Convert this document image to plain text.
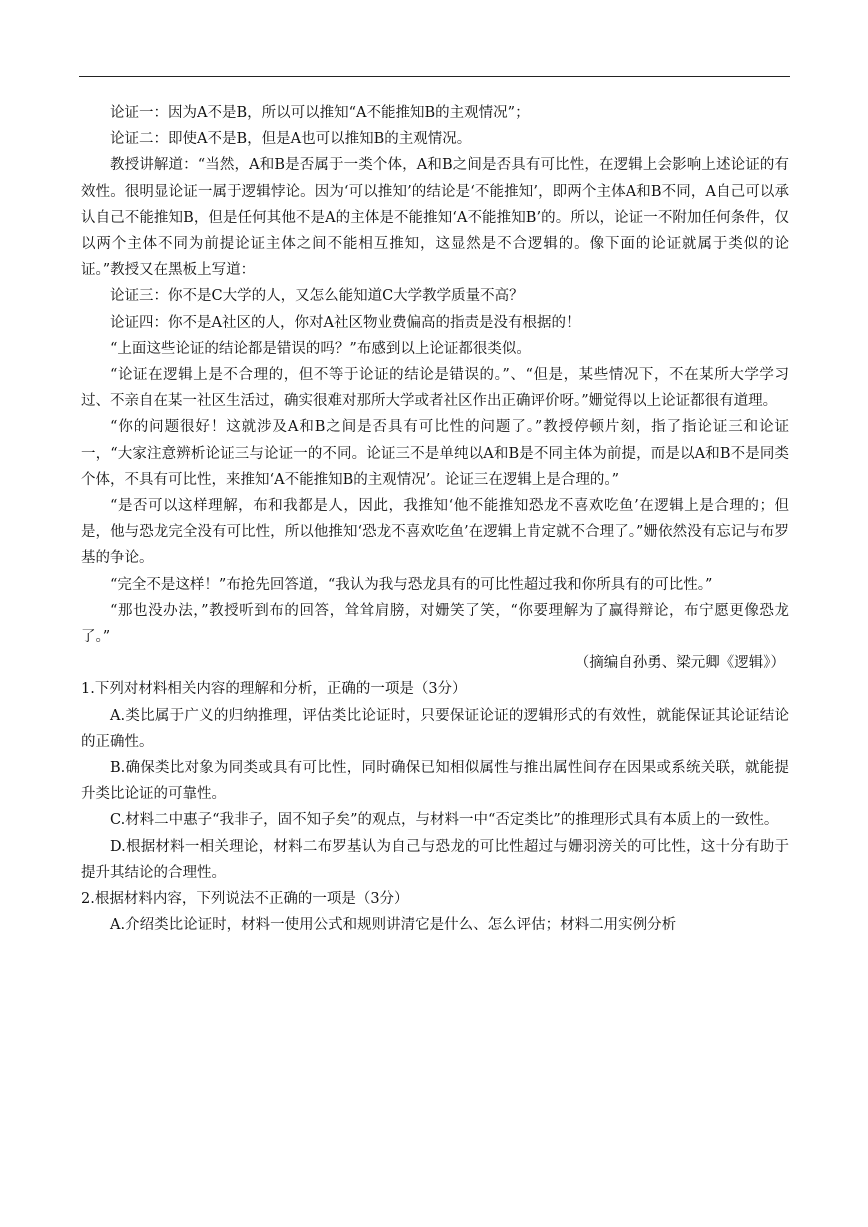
论证一：因为A不是B，所以可以推知“A不能推知B的主观情况”；

论证二：即使A不是B，但是A也可以推知B的主观情况。

教授讲解道：“当然，A和B是否属于一类个体，A和B之间是否具有可比性，在逻辑上会影响上述论证的有效性。很明显论证一属于逻辑悖论。因为‘可以推知’的结论是‘不能推知’，即两个主体A和B不同，A自己可以承认自己不能推知B，但是任何其他不是A的主体是不能推知‘A不能推知B’的。所以，论证一不附加任何条件，仅以两个主体不同为前提论证主体之间不能相互推知，这显然是不合逻辑的。像下面的论证就属于类似的论证。”教授又在黑板上写道：

论证三：你不是C大学的人，又怎么能知道C大学教学质量不高？

论证四：你不是A社区的人，你对A社区物业费偏高的指责是没有根据的！

“上面这些论证的结论都是错误的吗？”布感到以上论证都很类似。

“论证在逻辑上是不合理的，但不等于论证的结论是错误的。”、“但是，某些情况下，不在某所大学学习过、不亲自在某一社区生活过，确实很难对那所大学或者社区作出正确评价呀。”姗觉得以上论证都很有道理。

“你的问题很好！这就涉及A和B之间是否具有可比性的问题了。”教授停顿片刻，指了指论证三和论证一，“大家注意辨析论证三与论证一的不同。论证三不是单纯以A和B是不同主体为前提，而是以A和B不是同类个体，不具有可比性，来推知‘A不能推知B的主观情况’。论证三在逻辑上是合理的。”

“是否可以这样理解，布和我都是人，因此，我推知‘他不能推知恐龙不喜欢吃鱼’在逻辑上是合理的；但是，他与恐龙完全没有可比性，所以他推知‘恐龙不喜欢吃鱼’在逻辑上肯定就不合理了。”姗依然没有忘记与布罗基的争论。

“完全不是这样！”布抢先回答道，“我认为我与恐龙具有的可比性超过我和你所具有的可比性。”

“那也没办法，”教授听到布的回答，耸耸肩膀，对姗笑了笑，“你要理解为了赢得辩论，布宁愿更像恐龙了。”

（摘编自孙勇、梁元卿《逻辑》）

1.下列对材料相关内容的理解和分析，正确的一项是（3分）

A.类比属于广义的归纳推理，评估类比论证时，只要保证论证的逻辑形式的有效性，就能保证其论证结论的正确性。

B.确保类比对象为同类或具有可比性，同时确保已知相似属性与推出属性间存在因果或系统关联，就能提升类比论证的可靠性。

C.材料二中惠子“我非子，固不知子矣”的观点，与材料一中“否定类比”的推理形式具有本质上的一致性。

D.根据材料一相关理论，材料二布罗基认为自己与恐龙的可比性超过与姗羽滂关的可比性，这十分有助于提升其结论的合理性。

2.根据材料内容，下列说法不正确的一项是（3分）

A.介绍类比论证时，材料一使用公式和规则讲清它是什么、怎么评估；材料二用实例分析
